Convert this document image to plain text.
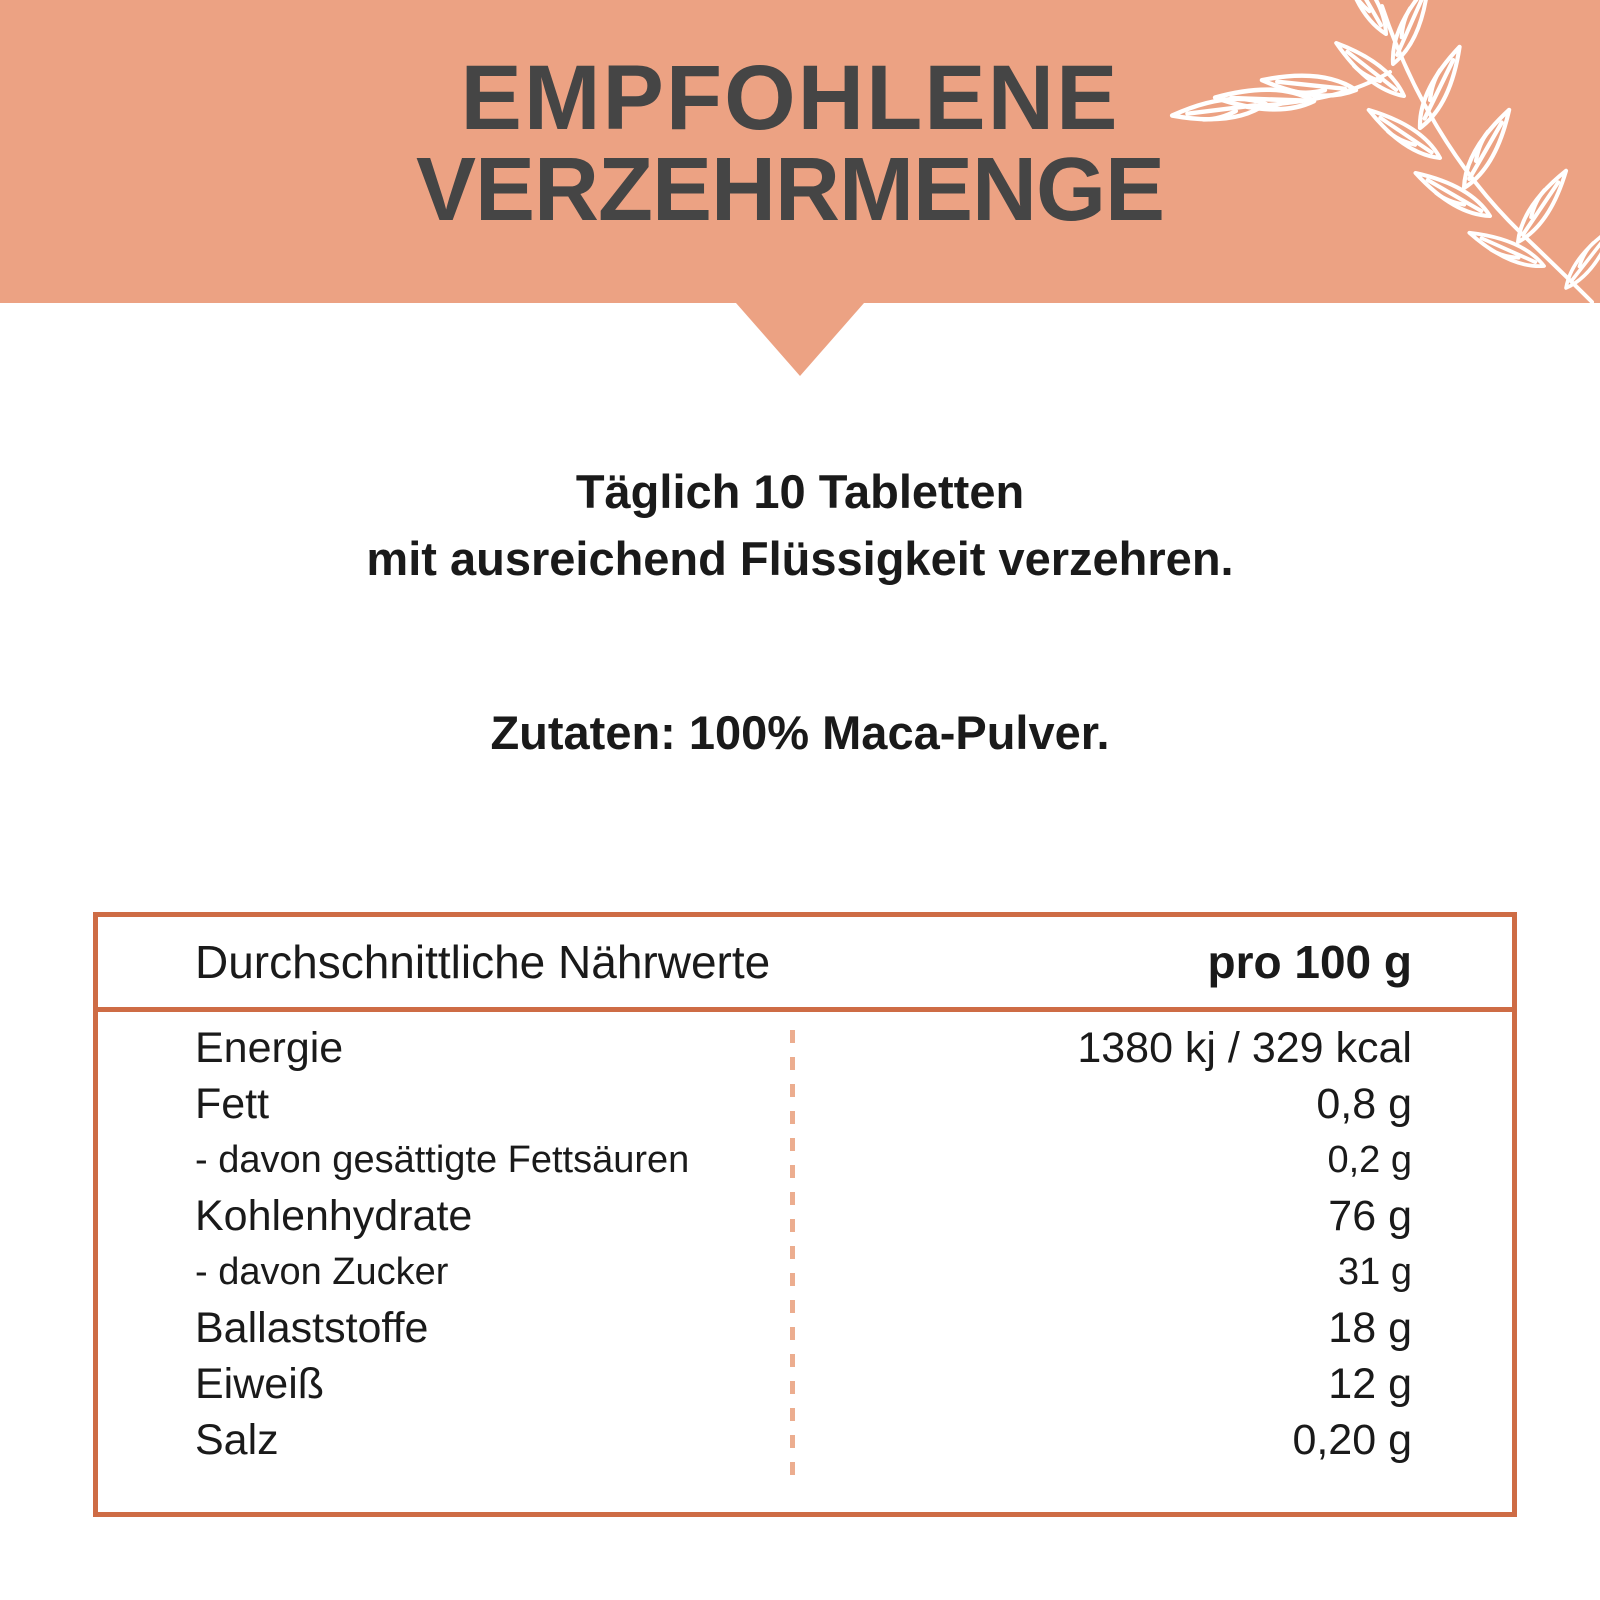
EMPFOHLENE
VERZEHRMENGE
Täglich 10 Tabletten
mit ausreichend Flüssigkeit verzehren.
Zutaten: 100% Maca-Pulver.
Durchschnittliche Nährwerte	pro 100 g
Energie	1380 kj / 329 kcal
Fett	0,8 g
- davon gesättigte Fettsäuren	0,2 g
Kohlenhydrate	76 g
- davon Zucker	31 g
Ballaststoffe	18 g
Eiweiß	12 g
Salz	0,20 g
